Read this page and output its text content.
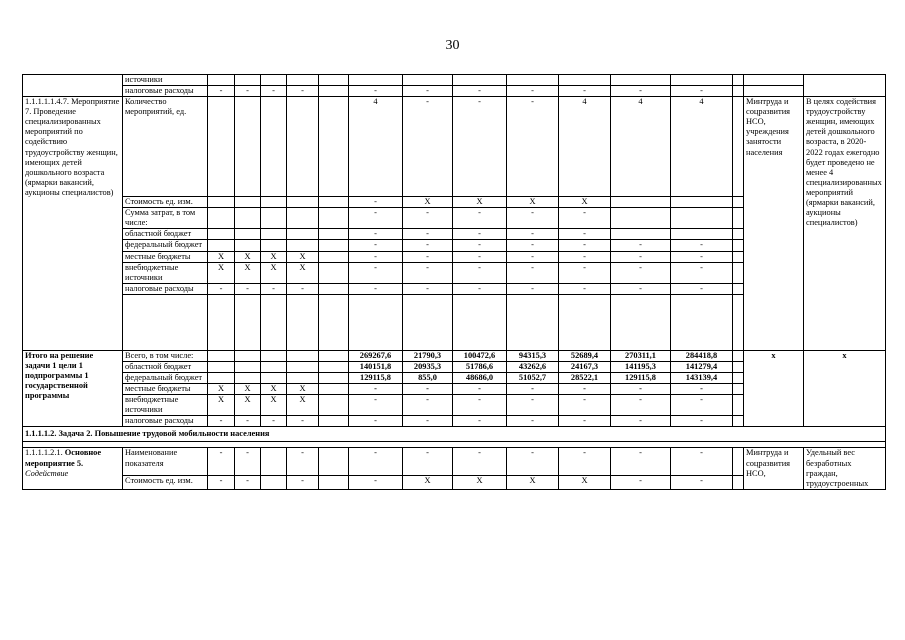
30
	источники																
	налоговые расходы	-	-	-	-		-	-	-	-	-	-	-				
1.1.1.1.1.4.7. Мероприятие 7. Проведение специализированных мероприятий по содействию трудоустройству женщин, имеющих детей дошкольного возраста (ярмарки вакансий, аукционы специалистов)	Количество мероприятий, ед.						4	-	-	-	4	4	4		Минтруда и соцразвития НСО, учреждения занятости населения	В целях содействия трудоустройству женщин, имеющих детей дошкольного возраста, в 2020-2022 годах ежегодно будет проведено не менее 4 специализированных мероприятий (ярмарки вакансий, аукционы специалистов)	
	Стоимость ед. изм.						-	X	X	X	X						
	Сумма затрат, в том числе:						-	-	-	-	-						
	областной бюджет						-	-	-	-	-						
	федеральный бюджет						-	-	-	-	-	-	-				
	местные бюджеты	X	X	X	X		-	-	-	-	-	-	-				
	внебюджетные источники	X	X	X	X		-	-	-	-	-	-	-				
	налоговые расходы	-	-	-	-		-	-	-	-	-	-	-				

Итого на решение задачи 1 цели 1 подпрограммы 1 государственной программы	Всего, в том числе:						269267,6	21790,3	100472,6	94315,3	52689,4	270311,1	284418,8		x	x	
	областной бюджет						140151,8	20935,3	51786,6	43262,6	24167,3	141195,3	141279,4				
	федеральный бюджет						129115,8	855,0	48686,0	51052,7	28522,1	129115,8	143139,4				
	местные бюджеты	X	X	X	X		-	-	-	-	-	-	-				
	внебюджетные источники	X	X	X	X		-	-	-	-	-	-	-				
	налоговые расходы	-	-	-	-		-	-	-	-	-	-	-				
1.1.1.1.2. Задача 2. Повышение трудовой мобильности населения																	

1.1.1.1.2.1. Основное мероприятие 5. Содействие	Наименование показателя	-	-		-		-	-	-	-	-	-	-		Минтруда и соцразвития НСО,	Удельный вес безработных граждан, трудоустроенных	
	Стоимость ед. изм.	-	-		-		-	X	X	X	X	-	-				
